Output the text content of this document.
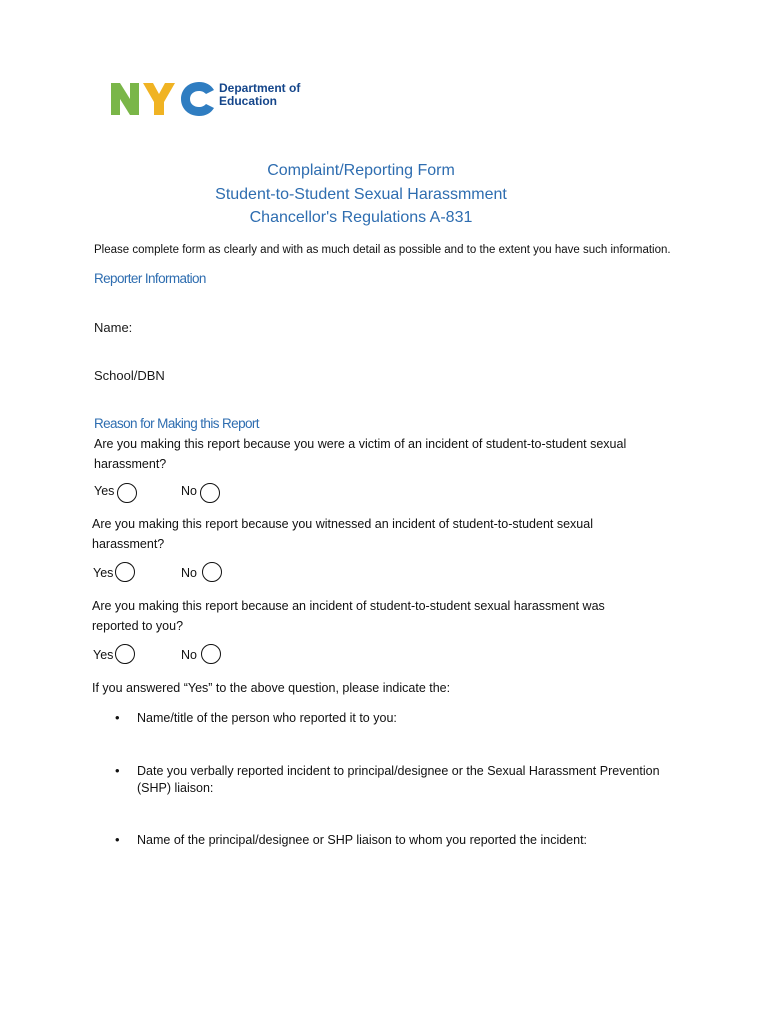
Department of
Education
Complaint/Reporting Form
Student-to-Student Sexual Harassmment
Chancellor's Regulations A-831
Please complete form as clearly and with as much detail as possible and to the extent you have such information.
Reporter Information
Name:
School/DBN
Reason for Making this Report
Are you making this report because you were a victim of an incident of student-to-student sexual
harassment?
Yes	No
Are you making this report because you witnessed an incident of student-to-student sexual
harassment?
Yes	No
Are you making this report because an incident of student-to-student sexual harassment was
reported to you?
Yes	No
If you answered “Yes” to the above question, please indicate the:
• Name/title of the person who reported it to you:
• Date you verbally reported incident to principal/designee or the Sexual Harassment Prevention
(SHP) liaison:
• Name of the principal/designee or SHP liaison to whom you reported the incident:
